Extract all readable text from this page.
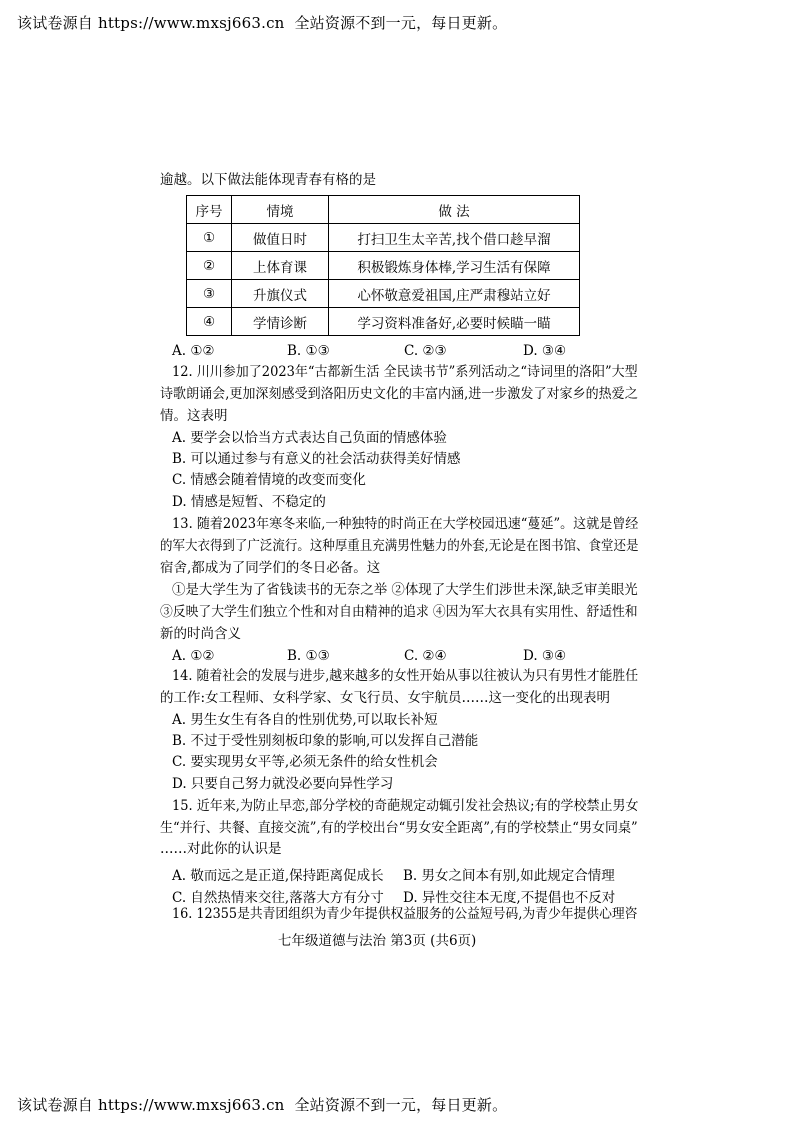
该试卷源自 https://www.mxsj663.cn  全站资源不到一元，每日更新。
逾越。以下做法能体现青春有格的是
序号	情境	做 法
①	做值日时	打扫卫生太辛苦,找个借口趁早溜
②	上体育课	积极锻炼身体棒,学习生活有保障
③	升旗仪式	心怀敬意爱祖国,庄严肃穆站立好
④	学情诊断	学习资料准备好,必要时候瞄一瞄
A. ①②	B. ①③	C. ②③	D. ③④
12. 川川参加了2023年“古都新生活 全民读书节”系列活动之“诗词里的洛阳”大型
诗歌朗诵会,更加深刻感受到洛阳历史文化的丰富内涵,进一步激发了对家乡的热爱之
情。这表明
A. 要学会以恰当方式表达自己负面的情感体验
B. 可以通过参与有意义的社会活动获得美好情感
C. 情感会随着情境的改变而变化
D. 情感是短暂、不稳定的
13. 随着2023年寒冬来临,一种独特的时尚正在大学校园迅速“蔓延”。这就是曾经
的军大衣得到了广泛流行。这种厚重且充满男性魅力的外套,无论是在图书馆、食堂还是
宿舍,都成为了同学们的冬日必备。这
①是大学生为了省钱读书的无奈之举 ②体现了大学生们涉世未深,缺乏审美眼光
③反映了大学生们独立个性和对自由精神的追求 ④因为军大衣具有实用性、舒适性和
新的时尚含义
A. ①②	B. ①③	C. ②④	D. ③④
14. 随着社会的发展与进步,越来越多的女性开始从事以往被认为只有男性才能胜任
的工作:女工程师、女科学家、女飞行员、女宇航员……这一变化的出现表明
A. 男生女生有各自的性别优势,可以取长补短
B. 不过于受性别刻板印象的影响,可以发挥自己潜能
C. 要实现男女平等,必须无条件的给女性机会
D. 只要自己努力就没必要向异性学习
15. 近年来,为防止早恋,部分学校的奇葩规定动辄引发社会热议;有的学校禁止男女
生“并行、共餐、直接交流”,有的学校出台“男女安全距离”,有的学校禁止“男女同桌”
……对此你的认识是
A. 敬而远之是正道,保持距离促成长 B. 男女之间本有别,如此规定合情理
C. 自然热情来交往,落落大方有分寸 D. 异性交往本无度,不提倡也不反对
16. 12355是共青团组织为青少年提供权益服务的公益短号码,为青少年提供心理咨
七年级道德与法治 第3页 (共6页)
该试卷源自 https://www.mxsj663.cn  全站资源不到一元，每日更新。
